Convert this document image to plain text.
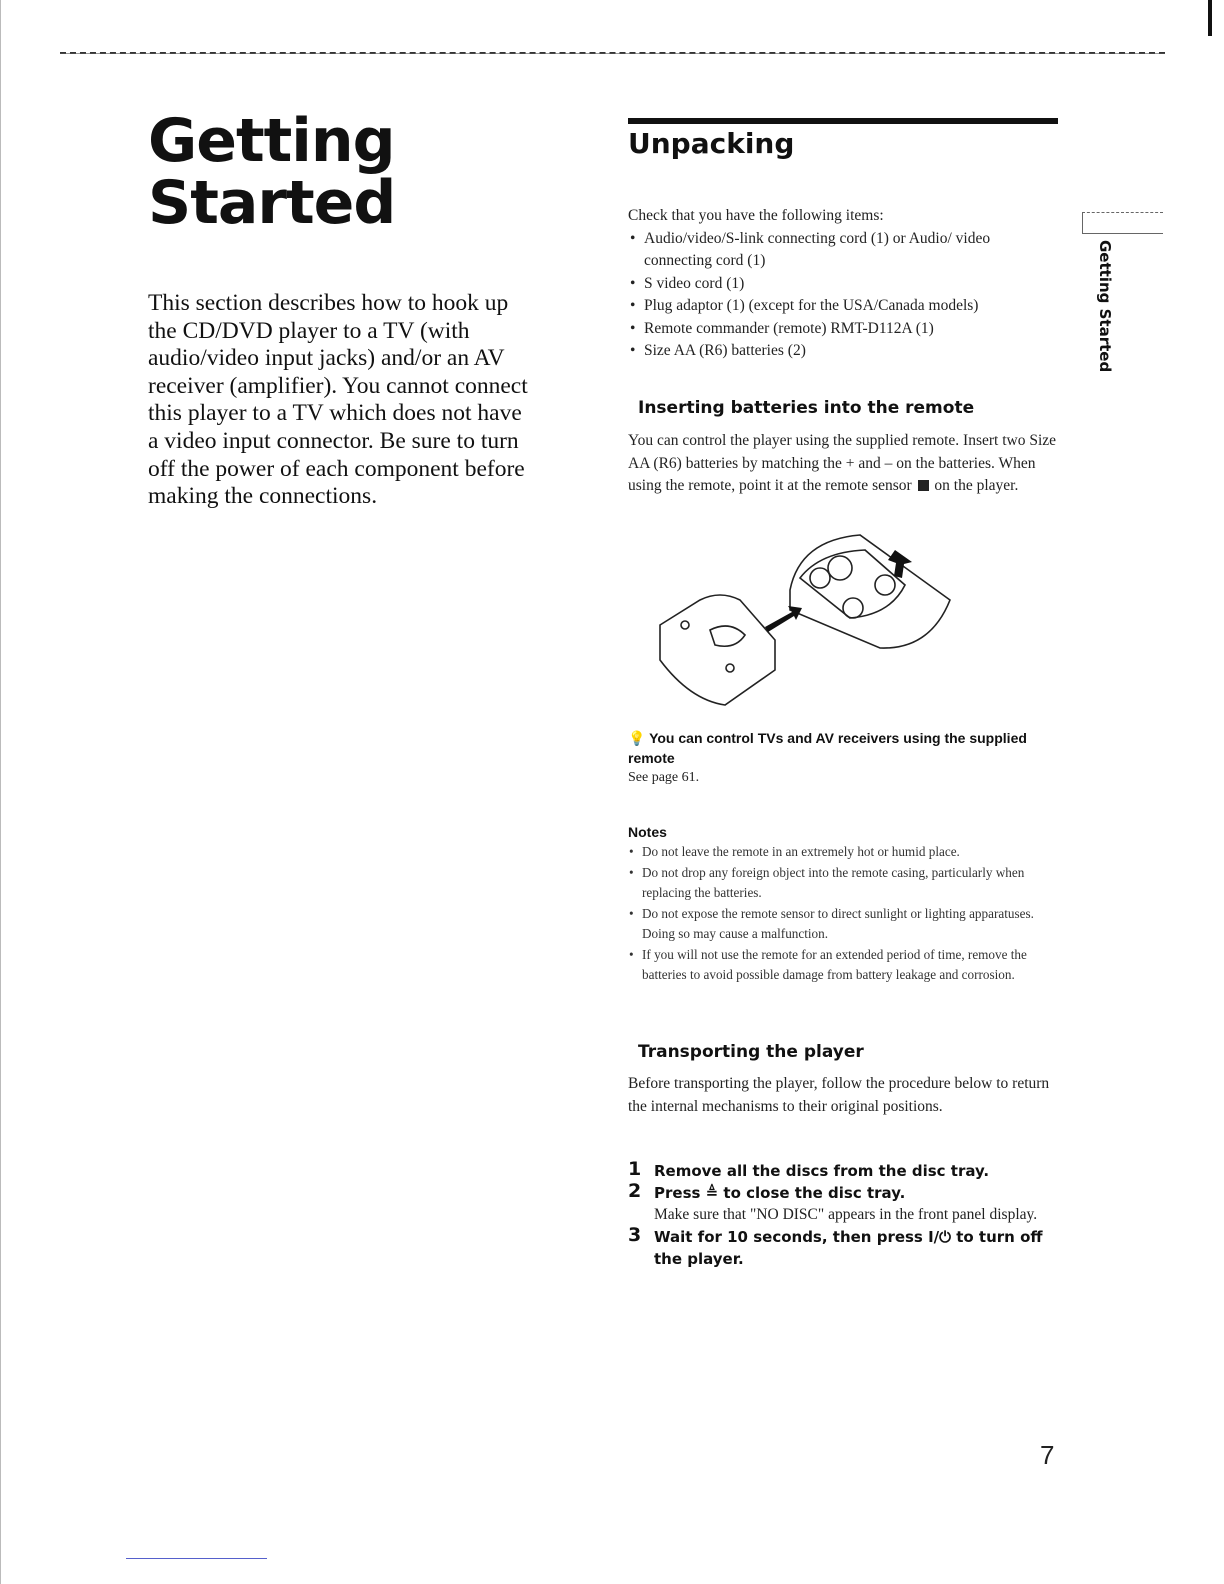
Getting Started

This section describes how to hook up the CD/DVD player to a TV (with audio/video input jacks) and/or an AV receiver (amplifier). You cannot connect this player to a TV which does not have a video input connector. Be sure to turn off the power of each component before making the connections.

Unpacking
Check that you have the following items:
• Audio/video/S-link connecting cord (1) or Audio/ video connecting cord (1)
• S video cord (1)
• Plug adaptor (1) (except for the USA/Canada models)
• Remote commander (remote) RMT-D112A (1)
• Size AA (R6) batteries (2)
Inserting batteries into the remote

You can control the player using the supplied remote. Insert two Size AA (R6) batteries by matching the + and – on the batteries. When using the remote, point it at the remote sensor on the player.

💡 You can control TVs and AV receivers using the supplied remote
See page 61.
Notes
• Do not leave the remote in an extremely hot or humid place.
• Do not drop any foreign object into the remote casing, particularly when replacing the batteries.
• Do not expose the remote sensor to direct sunlight or lighting apparatuses. Doing so may cause a malfunction.
• If you will not use the remote for an extended period of time, remove the batteries to avoid possible damage from battery leakage and corrosion.
Transporting the player

Before transporting the player, follow the procedure below to return the internal mechanisms to their original positions.

1 Remove all the discs from the disc tray.
2 Press ≜ to close the disc tray.
Make sure that "NO DISC" appears in the front panel display.
3 Wait for 10 seconds, then press I/⏻ to turn off the player.

Getting Started

7
